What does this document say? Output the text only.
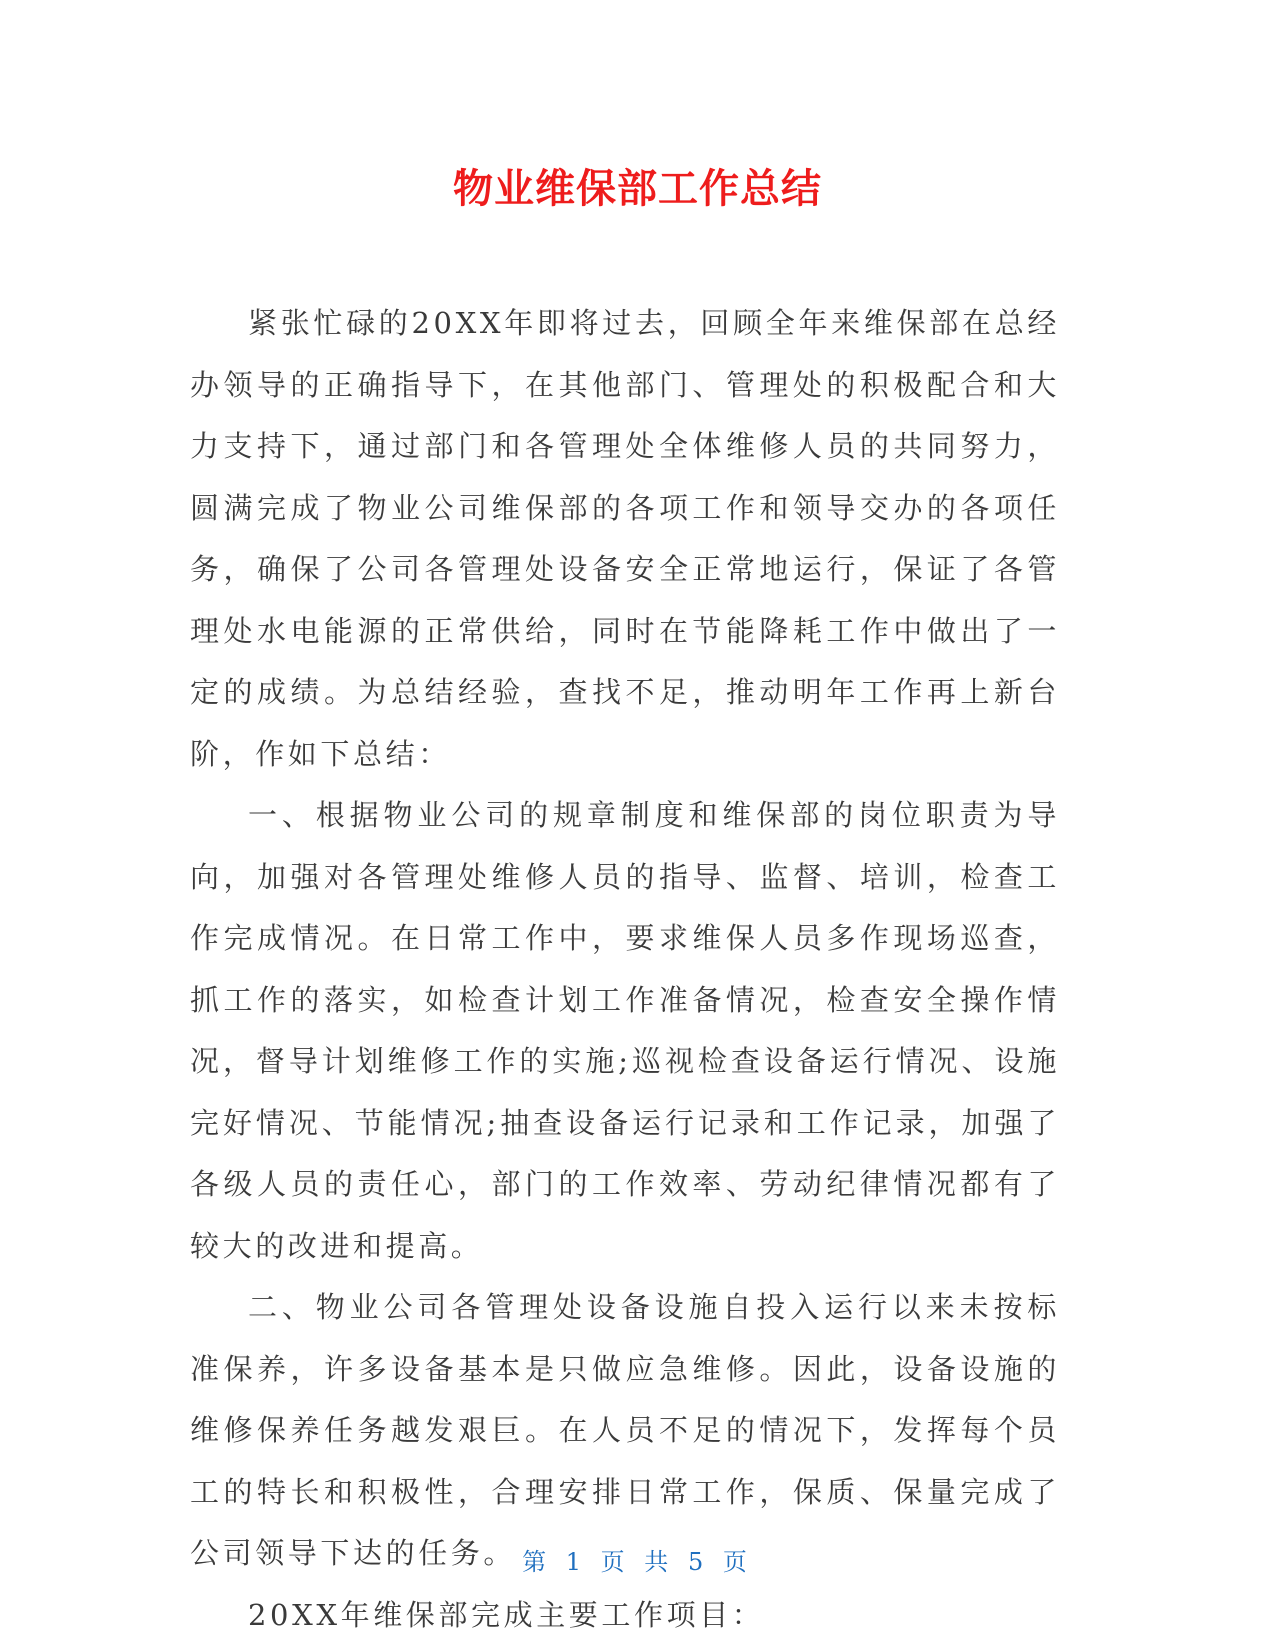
物业维保部工作总结

紧张忙碌的20XX年即将过去，回顾全年来维保部在总经办领导的正确指导下，在其他部门、管理处的积极配合和大力支持下，通过部门和各管理处全体维修人员的共同努力，圆满完成了物业公司维保部的各项工作和领导交办的各项任务，确保了公司各管理处设备安全正常地运行，保证了各管理处水电能源的正常供给，同时在节能降耗工作中做出了一定的成绩。为总结经验，查找不足，推动明年工作再上新台阶，作如下总结：

一、根据物业公司的规章制度和维保部的岗位职责为导向，加强对各管理处维修人员的指导、监督、培训，检查工作完成情况。在日常工作中，要求维保人员多作现场巡查，抓工作的落实，如检查计划工作准备情况，检查安全操作情况，督导计划维修工作的实施;巡视检查设备运行情况、设施完好情况、节能情况;抽查设备运行记录和工作记录，加强了各级人员的责任心，部门的工作效率、劳动纪律情况都有了较大的改进和提高。

二、物业公司各管理处设备设施自投入运行以来未按标准保养，许多设备基本是只做应急维修。因此，设备设施的维修保养任务越发艰巨。在人员不足的情况下，发挥每个员工的特长和积极性，合理安排日常工作，保质、保量完成了公司领导下达的任务。

20XX年维保部完成主要工作项目：

第 1 页 共 5 页
